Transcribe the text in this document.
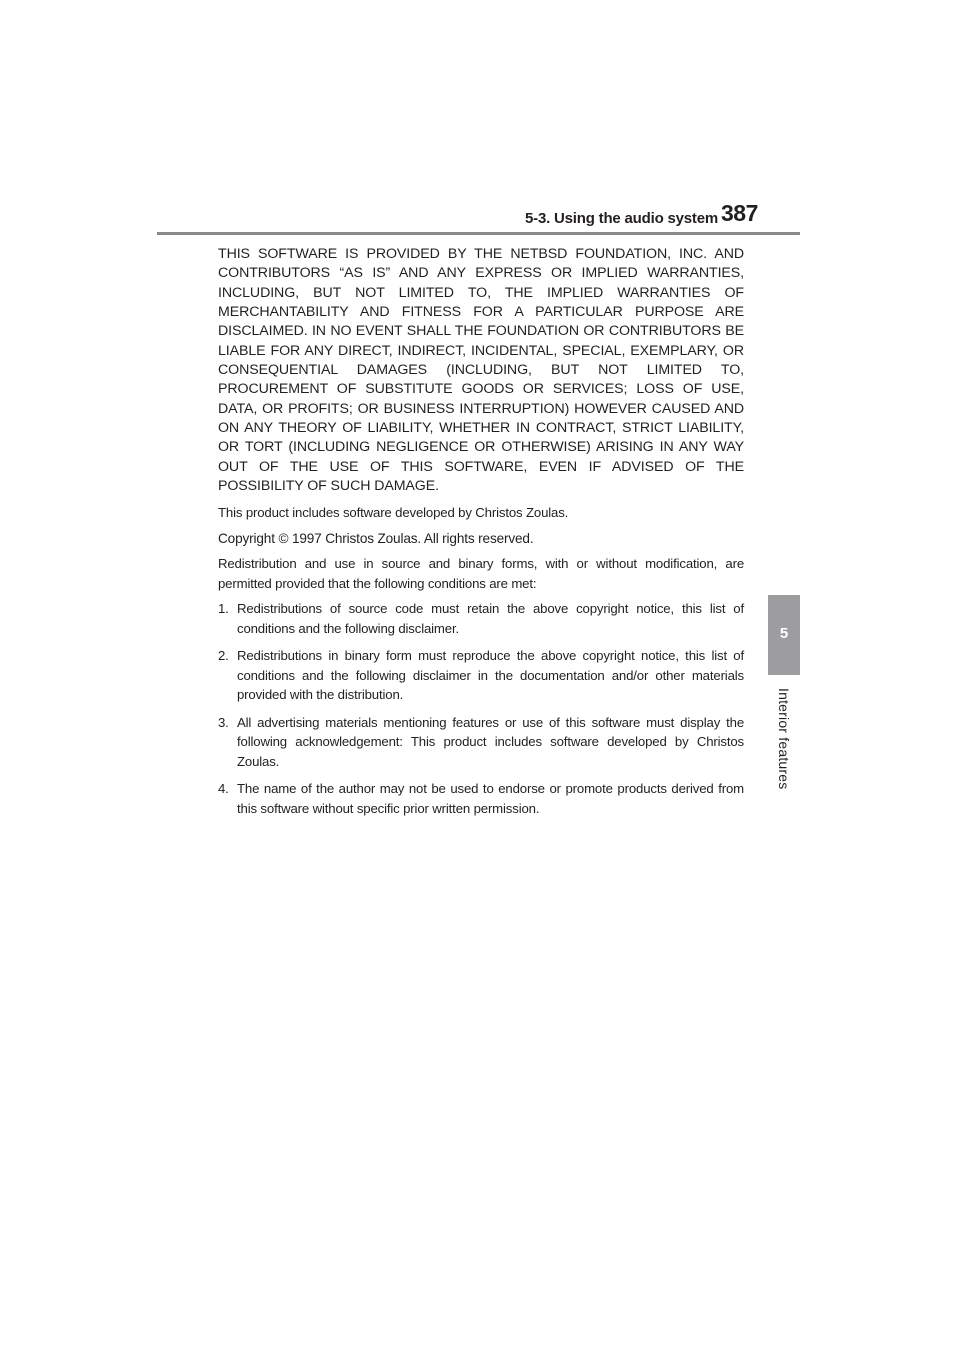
5-3. Using the audio system 387
5
Interior features

THIS SOFTWARE IS PROVIDED BY THE NETBSD FOUNDATION, INC. AND CONTRIBUTORS “AS IS” AND ANY EXPRESS OR IMPLIED WARRANTIES, INCLUDING, BUT NOT LIMITED TO, THE IMPLIED WARRANTIES OF MERCHANTABILITY AND FITNESS FOR A PARTICULAR PURPOSE ARE DISCLAIMED. IN NO EVENT SHALL THE FOUNDATION OR CONTRIBUTORS BE LIABLE FOR ANY DIRECT, INDIRECT, INCIDENTAL, SPECIAL, EXEMPLARY, OR CONSEQUENTIAL DAMAGES (INCLUDING, BUT NOT LIMITED TO, PROCUREMENT OF SUBSTITUTE GOODS OR SERVICES; LOSS OF USE, DATA, OR PROFITS; OR BUSINESS INTERRUPTION) HOWEVER CAUSED AND ON ANY THEORY OF LIABILITY, WHETHER IN CONTRACT, STRICT LIABILITY, OR TORT (INCLUDING NEGLIGENCE OR OTHERWISE) ARISING IN ANY WAY OUT OF THE USE OF THIS SOFTWARE, EVEN IF ADVISED OF THE POSSIBILITY OF SUCH DAMAGE.

This product includes software developed by Christos Zoulas.

Copyright © 1997 Christos Zoulas. All rights reserved.

Redistribution and use in source and binary forms, with or without modification, are permitted provided that the following conditions are met:

1. Redistributions of source code must retain the above copyright notice, this list of conditions and the following disclaimer.
2. Redistributions in binary form must reproduce the above copyright notice, this list of conditions and the following disclaimer in the documentation and/or other materials provided with the distribution.
3. All advertising materials mentioning features or use of this software must display the following acknowledgement: This product includes software developed by Christos Zoulas.
4. The name of the author may not be used to endorse or promote products derived from this software without specific prior written permission.
